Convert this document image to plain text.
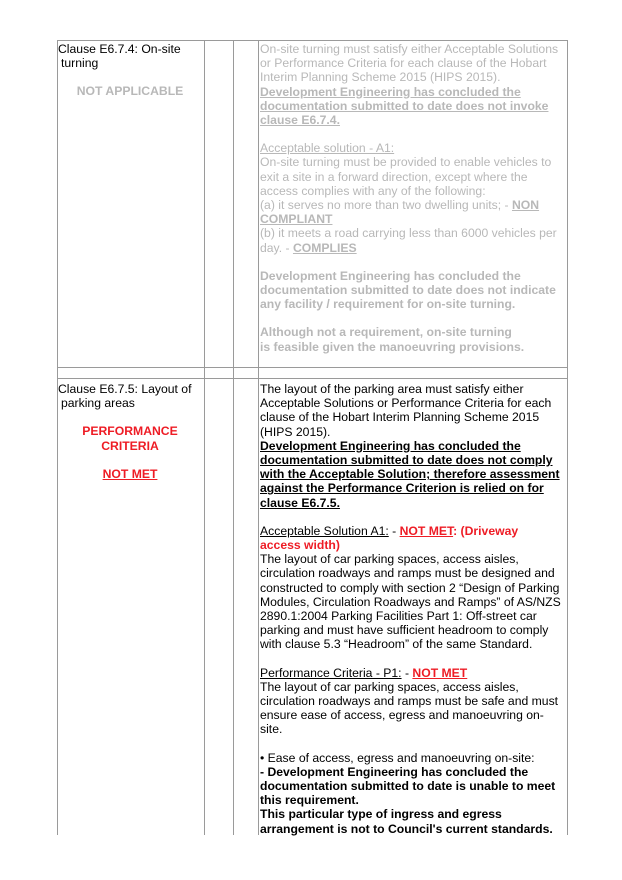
Clause E6.7.4: On-site turning

NOT APPLICABLE

On-site turning must satisfy either Acceptable Solutions or Performance Criteria for each clause of the Hobart Interim Planning Scheme 2015 (HIPS 2015).

Development Engineering has concluded the documentation submitted to date does not invoke clause E6.7.4.

Acceptable solution - A1:

On-site turning must be provided to enable vehicles to exit a site in a forward direction, except where the access complies with any of the following:

(a) it serves no more than two dwelling units; - NON COMPLIANT

(b) it meets a road carrying less than 6000 vehicles per day. - COMPLIES

Development Engineering has concluded the documentation submitted to date does not indicate any facility / requirement for on-site turning.

Although not a requirement, on-site turning

is feasible given the manoeuvring provisions.

Clause E6.7.5: Layout of parking areas

PERFORMANCE

CRITERIA

NOT MET

The layout of the parking area must satisfy either Acceptable Solutions or Performance Criteria for each clause of the Hobart Interim Planning Scheme 2015 (HIPS 2015).

Development Engineering has concluded the documentation submitted to date does not comply with the Acceptable Solution; therefore assessment against the Performance Criterion is relied on for clause E6.7.5.

Acceptable Solution A1: - NOT MET: (Driveway access width)

The layout of car parking spaces, access aisles, circulation roadways and ramps must be designed and constructed to comply with section 2 “Design of Parking Modules, Circulation Roadways and Ramps” of AS/NZS 2890.1:2004 Parking Facilities Part 1: Off-street car parking and must have sufficient headroom to comply with clause 5.3 “Headroom” of the same Standard.

Performance Criteria - P1: - NOT MET

The layout of car parking spaces, access aisles, circulation roadways and ramps must be safe and must ensure ease of access, egress and manoeuvring on-site.

• Ease of access, egress and manoeuvring on-site:

- Development Engineering has concluded the documentation submitted to date is unable to meet this requirement.

This particular type of ingress and egress arrangement is not to Council's current standards.
